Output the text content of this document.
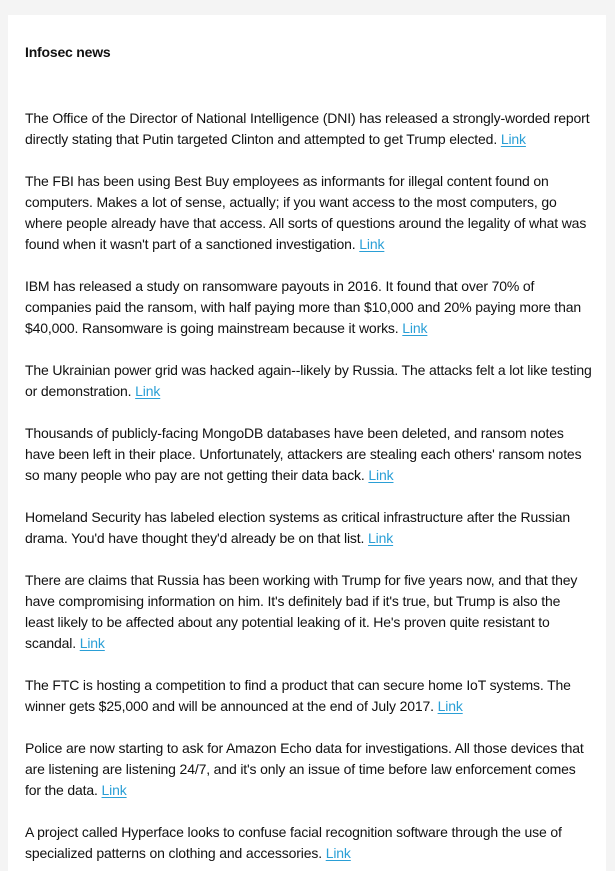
Infosec news

The Office of the Director of National Intelligence (DNI) has released a strongly-worded report directly stating that Putin targeted Clinton and attempted to get Trump elected. Link

The FBI has been using Best Buy employees as informants for illegal content found on computers. Makes a lot of sense, actually; if you want access to the most computers, go where people already have that access. All sorts of questions around the legality of what was found when it wasn't part of a sanctioned investigation. Link

IBM has released a study on ransomware payouts in 2016. It found that over 70% of companies paid the ransom, with half paying more than $10,000 and 20% paying more than $40,000. Ransomware is going mainstream because it works. Link

The Ukrainian power grid was hacked again--likely by Russia. The attacks felt a lot like testing or demonstration. Link

Thousands of publicly-facing MongoDB databases have been deleted, and ransom notes have been left in their place. Unfortunately, attackers are stealing each others' ransom notes so many people who pay are not getting their data back. Link

Homeland Security has labeled election systems as critical infrastructure after the Russian drama. You'd have thought they'd already be on that list. Link

There are claims that Russia has been working with Trump for five years now, and that they have compromising information on him. It's definitely bad if it's true, but Trump is also the least likely to be affected about any potential leaking of it. He's proven quite resistant to scandal. Link

The FTC is hosting a competition to find a product that can secure home IoT systems. The winner gets $25,000 and will be announced at the end of July 2017. Link

Police are now starting to ask for Amazon Echo data for investigations. All those devices that are listening are listening 24/7, and it's only an issue of time before law enforcement comes for the data. Link

A project called Hyperface looks to confuse facial recognition software through the use of specialized patterns on clothing and accessories. Link
